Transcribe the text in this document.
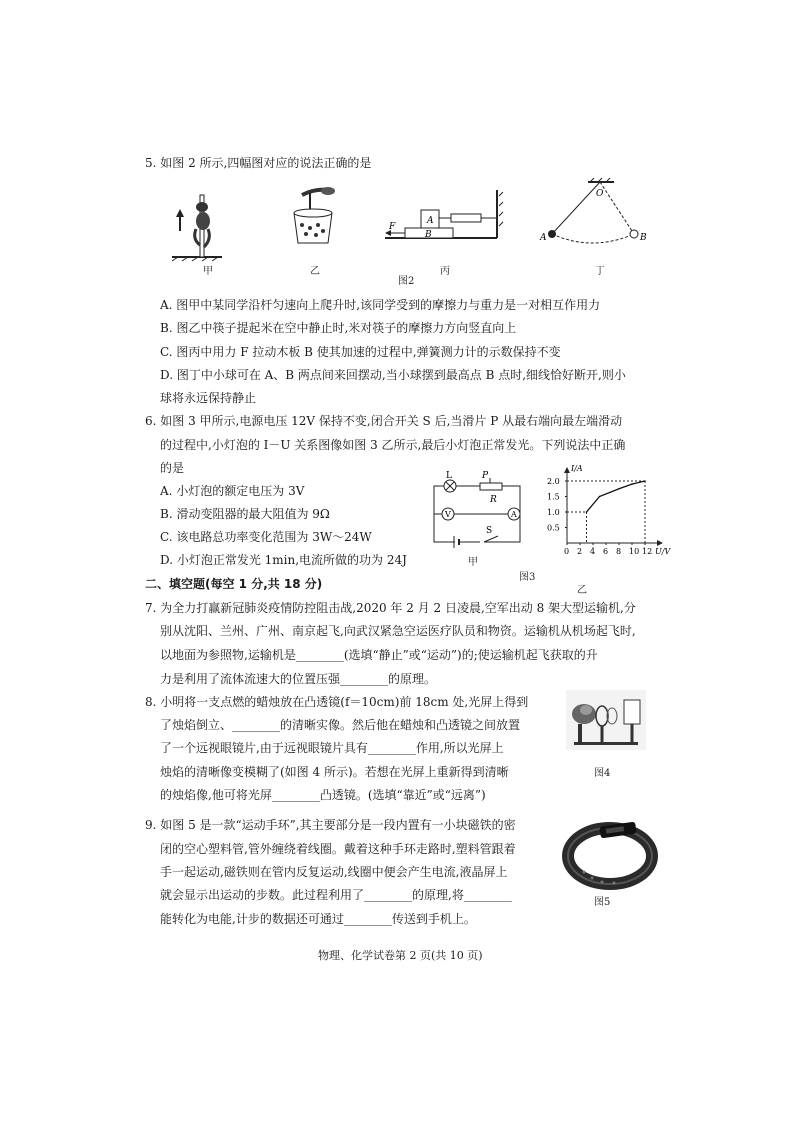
5. 如图 2 所示,四幅图对应的说法正确的是
甲	乙
F
A
B
丙
O
A	B
丁
图2
A. 图甲中某同学沿杆匀速向上爬升时,该同学受到的摩擦力与重力是一对相互作用力
B. 图乙中筷子提起米在空中静止时,米对筷子的摩擦力方向竖直向上
C. 图丙中用力 F 拉动木板 B 使其加速的过程中,弹簧测力计的示数保持不变
D. 图丁中小球可在 A、B 两点间来回摆动,当小球摆到最高点 B 点时,细线恰好断开,则小
球将永远保持静止
6. 如图 3 甲所示,电源电压 12V 保持不变,闭合开关 S 后,当滑片 P 从最右端向最左端滑动
的过程中,小灯泡的 I－U 关系图像如图 3 乙所示,最后小灯泡正常发光。下列说法中正确
的是
A. 小灯泡的额定电压为 3V
B. 滑动变阻器的最大阻值为 9Ω
C. 该电路总功率变化范围为 3W～24W
D. 小灯泡正常发光 1min,电流所做的功为 24J
L	P
R
V	A
S
甲
0.5
1.0
1.5
2.0
0 2 4 6 8 10 12
I/A
U/V
乙
图3
二、填空题(每空 1 分,共 18 分)
7. 为全力打赢新冠肺炎疫情防控阻击战,2020 年 2 月 2 日凌晨,空军出动 8 架大型运输机,分
别从沈阳、兰州、广州、南京起飞,向武汉紧急空运医疗队员和物资。运输机从机场起飞时,
以地面为参照物,运输机是________(选填“静止”或“运动”)的;使运输机起飞获取的升
力是利用了流体流速大的位置压强________的原理。
8. 小明将一支点燃的蜡烛放在凸透镜(f＝10cm)前 18cm 处,光屏上得到
了烛焰倒立、________的清晰实像。然后他在蜡烛和凸透镜之间放置
了一个远视眼镜片,由于远视眼镜片具有________作用,所以光屏上
烛焰的清晰像变模糊了(如图 4 所示)。若想在光屏上重新得到清晰
的烛焰像,他可将光屏________凸透镜。(选填“靠近”或“远离”)
图4
9. 如图 5 是一款“运动手环”,其主要部分是一段内置有一小块磁铁的密
闭的空心塑料管,管外缠绕着线圈。戴着这种手环走路时,塑料管跟着
手一起运动,磁铁则在管内反复运动,线圈中便会产生电流,液晶屏上
就会显示出运动的步数。此过程利用了________的原理,将________
能转化为电能,计步的数据还可通过________传送到手机上。
图5
物理、化学试卷第 2 页(共 10 页)
